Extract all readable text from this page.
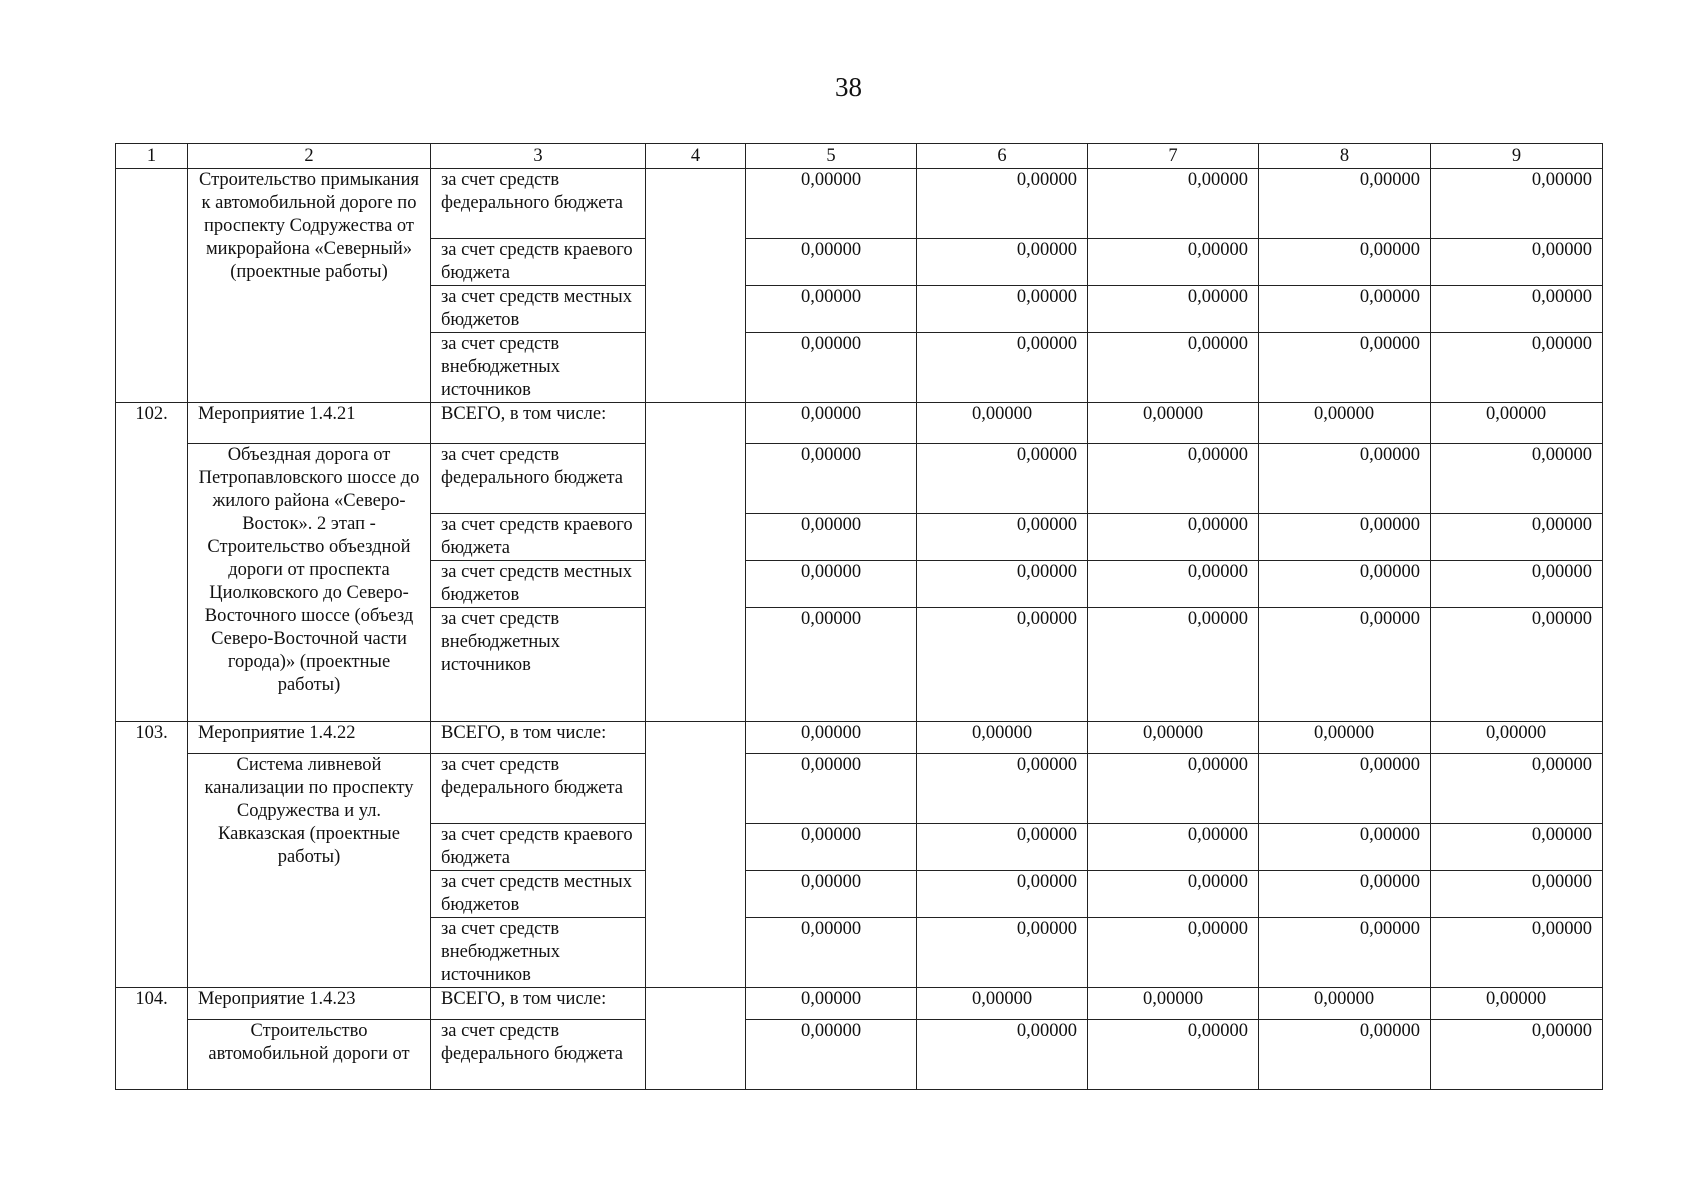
38
1	2	3	4	5	6	7	8	9
	Строительство примыкания к автомобильной дороге по проспекту Содружества от микрорайона «Северный» (проектные работы)	за счет средств федерального бюджета		0,00000	0,00000	0,00000	0,00000	0,00000
		за счет средств краевого бюджета		0,00000	0,00000	0,00000	0,00000	0,00000
		за счет средств местных бюджетов		0,00000	0,00000	0,00000	0,00000	0,00000
		за счет средств внебюджетных источников		0,00000	0,00000	0,00000	0,00000	0,00000
102.	Мероприятие 1.4.21	ВСЕГО, в том числе:		0,00000	0,00000	0,00000	0,00000	0,00000
	Объездная дорога от Петропавловского шоссе до жилого района «Северо-Восток». 2 этап - Строительство объездной дороги от проспекта Циолковского до Северо-Восточного шоссе (объезд Северо-Восточной части города)» (проектные работы)	за счет средств федерального бюджета		0,00000	0,00000	0,00000	0,00000	0,00000
		за счет средств краевого бюджета		0,00000	0,00000	0,00000	0,00000	0,00000
		за счет средств местных бюджетов		0,00000	0,00000	0,00000	0,00000	0,00000
		за счет средств внебюджетных источников		0,00000	0,00000	0,00000	0,00000	0,00000
103.	Мероприятие 1.4.22	ВСЕГО, в том числе:		0,00000	0,00000	0,00000	0,00000	0,00000
	Система ливневой канализации по проспекту Содружества и ул. Кавказская (проектные работы)	за счет средств федерального бюджета		0,00000	0,00000	0,00000	0,00000	0,00000
		за счет средств краевого бюджета		0,00000	0,00000	0,00000	0,00000	0,00000
		за счет средств местных бюджетов		0,00000	0,00000	0,00000	0,00000	0,00000
		за счет средств внебюджетных источников		0,00000	0,00000	0,00000	0,00000	0,00000
104.	Мероприятие 1.4.23	ВСЕГО, в том числе:		0,00000	0,00000	0,00000	0,00000	0,00000
	Строительство автомобильной дороги от	за счет средств федерального бюджета		0,00000	0,00000	0,00000	0,00000	0,00000
